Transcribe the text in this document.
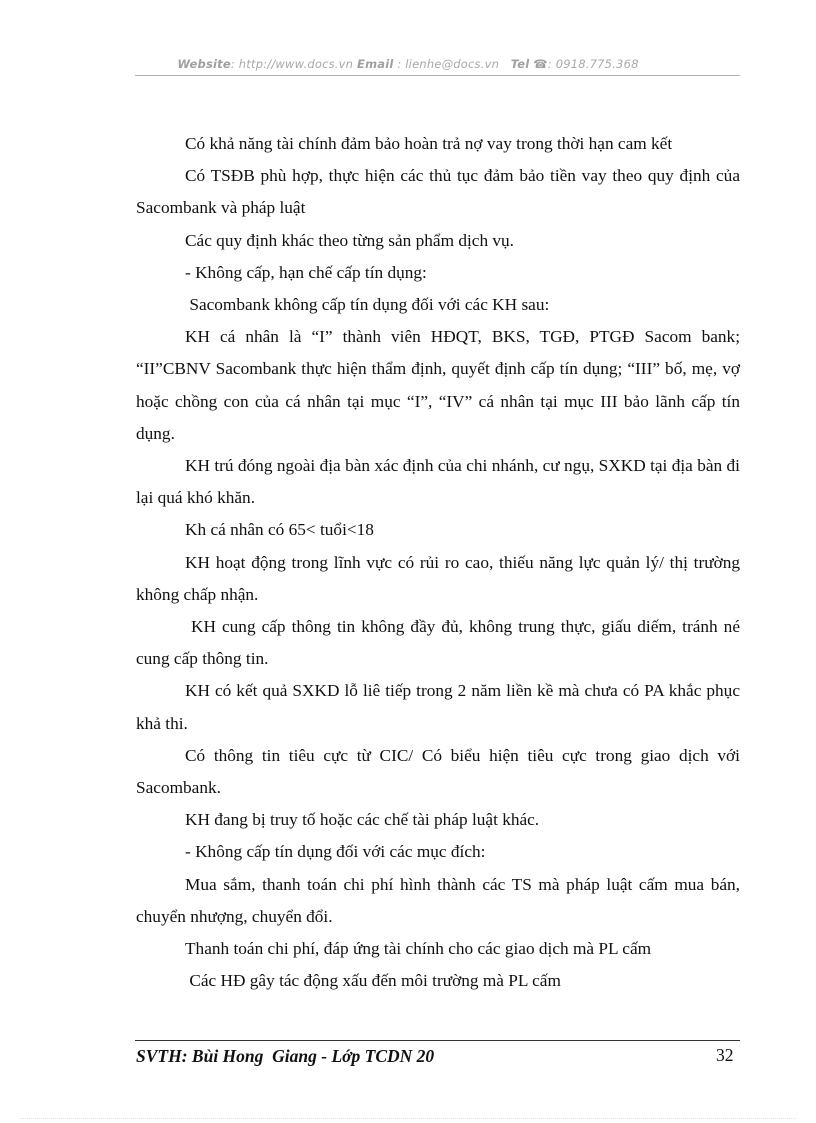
Website: http://www.docs.vn Email : lienhe@docs.vn Tel ☎: 0918.775.368

Có khả năng tài chính đảm bảo hoàn trả nợ vay trong thời hạn cam kết

Có TSĐB phù hợp, thực hiện các thủ tục đảm bảo tiền vay theo quy định của Sacombank và pháp luật

Các quy định khác theo từng sản phẩm dịch vụ.

- Không cấp, hạn chế cấp tín dụng:

Sacombank không cấp tín dụng đối với các KH sau:

KH cá nhân là “I” thành viên HĐQT, BKS, TGĐ, PTGĐ Sacom bank; “II”CBNV Sacombank thực hiện thẩm định, quyết định cấp tín dụng; “III” bố, mẹ, vợ hoặc chồng con của cá nhân tại mục “I”, “IV” cá nhân tại mục III bảo lãnh cấp tín dụng.

KH trú đóng ngoài địa bàn xác định của chi nhánh, cư ngụ, SXKD tại địa bàn đi lại quá khó khăn.

Kh cá nhân có 65< tuổi<18

KH hoạt động trong lĩnh vực có rủi ro cao, thiếu năng lực quản lý/ thị trường không chấp nhận.

KH cung cấp thông tin không đầy đủ, không trung thực, giấu diếm, tránh né cung cấp thông tin.

KH có kết quả SXKD lỗ liê tiếp trong 2 năm liền kề mà chưa có PA khắc phục khả thi.

Có thông tin tiêu cực từ CIC/ Có biểu hiện tiêu cực trong giao dịch với Sacombank.

KH đang bị truy tố hoặc các chế tài pháp luật khác.

- Không cấp tín dụng đối với các mục đích:

Mua sắm, thanh toán chi phí hình thành các TS mà pháp luật cấm mua bán, chuyển nhượng, chuyển đổi.

Thanh toán chi phí, đáp ứng tài chính cho các giao dịch mà PL cấm

Các HĐ gây tác động xấu đến môi trường mà PL cấm

SVTH: Bùi Hong  Giang - Lớp TCDN 20	32
